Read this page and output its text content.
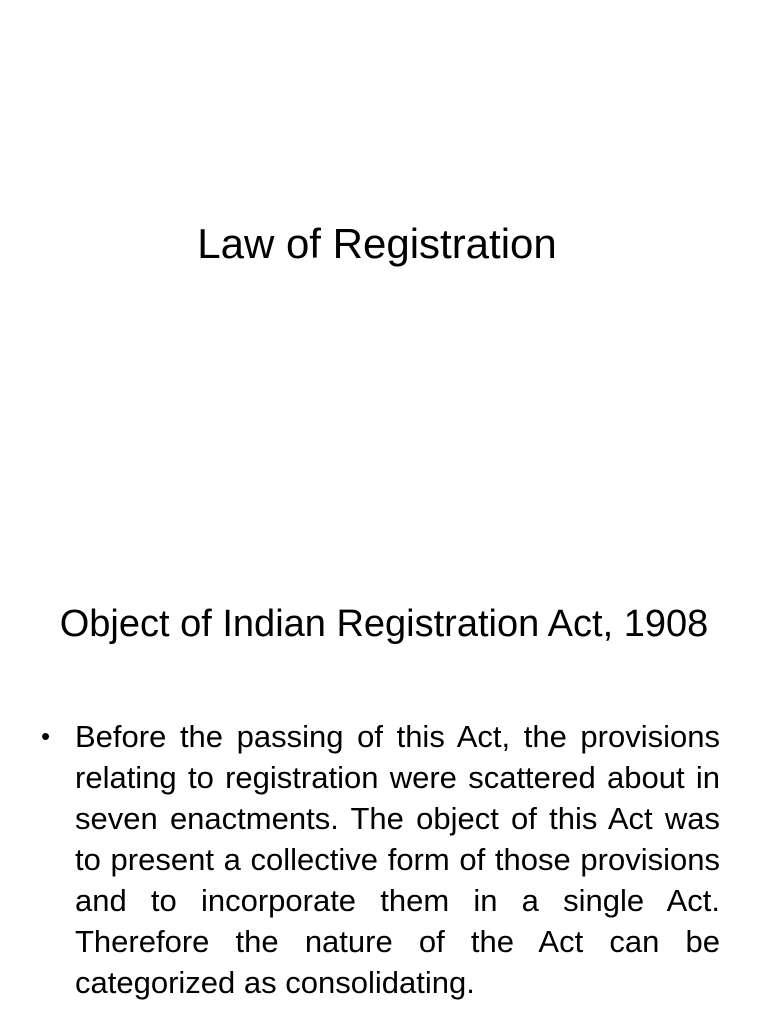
Law of Registration
Object of Indian Registration Act, 1908
• Before the passing of this Act, the provisions relating to registration were scattered about in seven enactments. The object of this Act was to present a collective form of those provisions and to incorporate them in a single Act. Therefore the nature of the Act can be categorized as consolidating.
